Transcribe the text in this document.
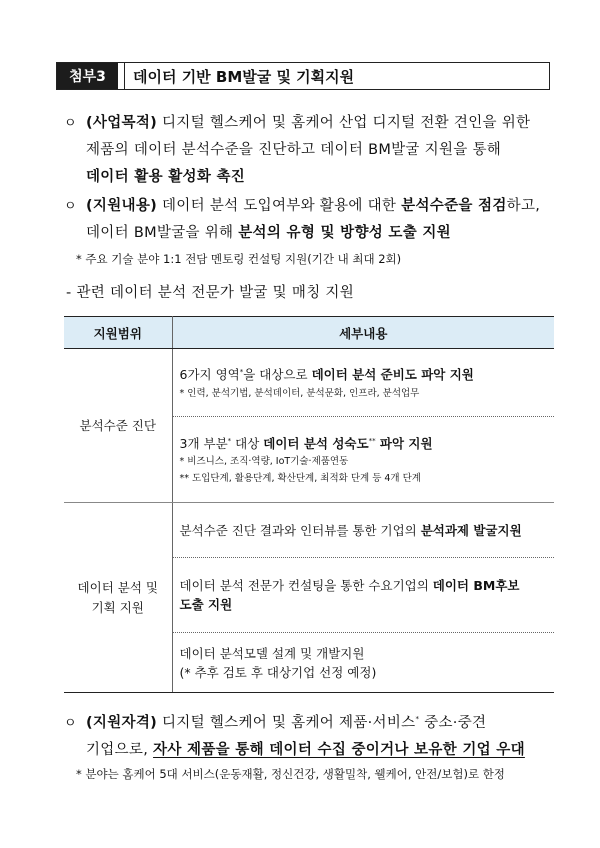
첨부3	데이터 기반 BM발굴 및 기획지원
ㅇ (사업목적) 디지털 헬스케어 및 홈케어 산업 디지털 전환 견인을 위한
제품의 데이터 분석수준을 진단하고 데이터 BM발굴 지원을 통해
데이터 활용 활성화 촉진
ㅇ (지원내용) 데이터 분석 도입여부와 활용에 대한 분석수준을 점검하고,
데이터 BM발굴을 위해 분석의 유형 및 방향성 도출 지원
* 주요 기술 분야 1:1 전담 멘토링 컨설팅 지원(기간 내 최대 2회)
- 관련 데이터 분석 전문가 발굴 및 매칭 지원
지원범위	세부내용
분석수준 진단	6가지 영역*을 대상으로 데이터 분석 준비도 파악 지원
* 인력, 분석기법, 분석데이터, 분석문화, 인프라, 분석업무

	3개 부분* 대상 데이터 분석 성숙도** 파악 지원
* 비즈니스, 조직·역량, IoT기술·제품연동
** 도입단계, 활용단계, 확산단계, 최적화 단계 등 4개 단계

데이터 분석 및
기획 지원	분석수준 진단 결과와 인터뷰를 통한 기업의 분석과제 발굴지원
	데이터 분석 전문가 컨설팅을 통한 수요기업의 데이터 BM후보
도출 지원

	데이터 분석모델 설계 및 개발지원
(* 추후 검토 후 대상기업 선정 예정)
ㅇ (지원자격) 디지털 헬스케어 및 홈케어 제품·서비스* 중소·중견
기업으로, 자사 제품을 통해 데이터 수집 중이거나 보유한 기업 우대
* 분야는 홈케어 5대 서비스(운동재활, 정신건강, 생활밀착, 웰케어, 안전/보험)로 한정
